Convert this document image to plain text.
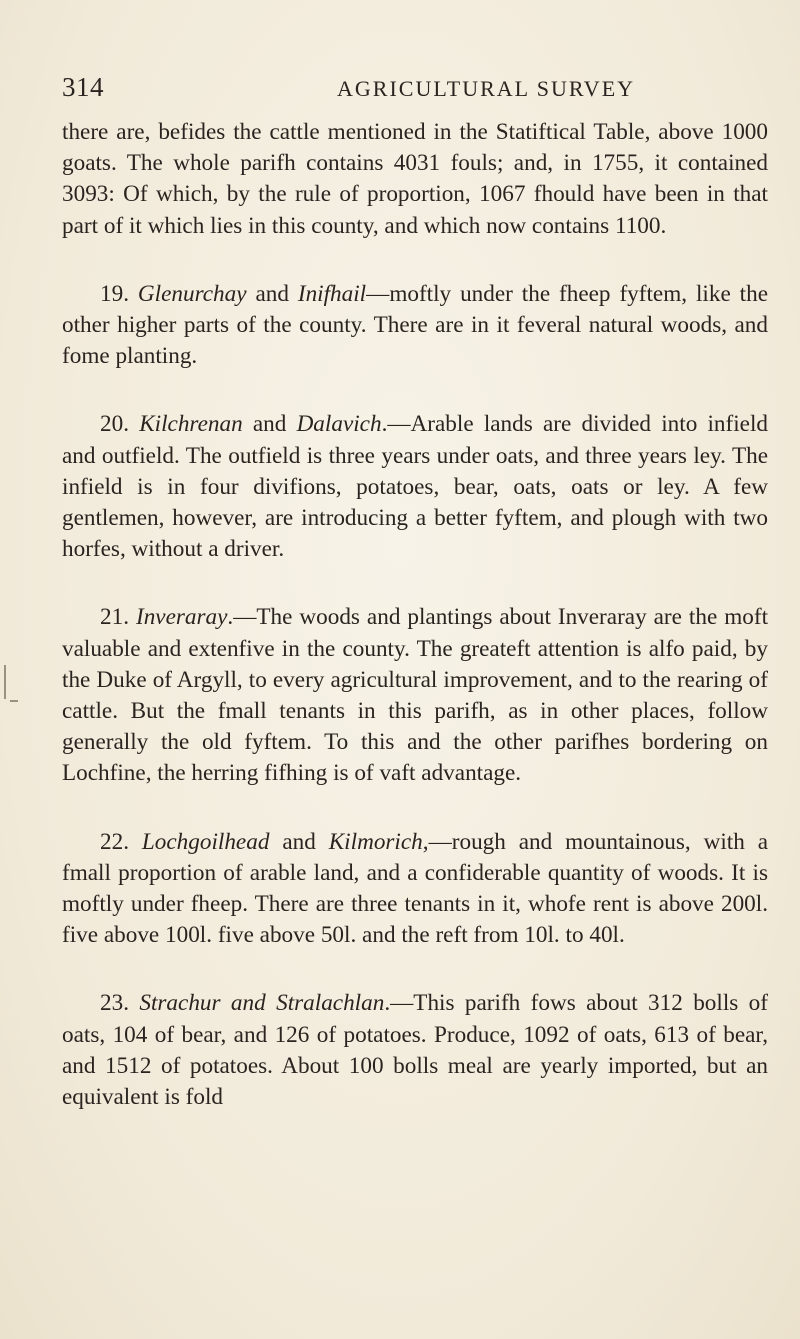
314	AGRICULTURAL SURVEY

there are, befides the cattle mentioned in the Statiftical Table, above 1000 goats. The whole parifh contains 4031 fouls; and, in 1755, it contained 3093: Of which, by the rule of proportion, 1067 fhould have been in that part of it which lies in this county, and which now contains 1100.

19. Glenurchay and Inifhail—moftly under the fheep fyftem, like the other higher parts of the county. There are in it feveral natural woods, and fome planting.

20. Kilchrenan and Dalavich.—Arable lands are divided into infield and outfield. The outfield is three years under oats, and three years ley. The infield is in four divifions, potatoes, bear, oats, oats or ley. A few gentlemen, however, are introducing a better fyftem, and plough with two horfes, without a driver.

21. Inveraray.—The woods and plantings about Inveraray are the moft valuable and extenfive in the county. The greateft attention is alfo paid, by the Duke of Argyll, to every agricultural improvement, and to the rearing of cattle. But the fmall tenants in this parifh, as in other places, follow generally the old fyftem. To this and the other parifhes bordering on Lochfine, the herring fifhing is of vaft advantage.

22. Lochgoilhead and Kilmorich,—rough and mountainous, with a fmall proportion of arable land, and a confiderable quantity of woods. It is moftly under fheep. There are three tenants in it, whofe rent is above 200l. five above 100l. five above 50l. and the reft from 10l. to 40l.

23. Strachur and Stralachlan.—This parifh fows about 312 bolls of oats, 104 of bear, and 126 of potatoes. Produce, 1092 of oats, 613 of bear, and 1512 of potatoes. About 100 bolls meal are yearly imported, but an equivalent is fold
